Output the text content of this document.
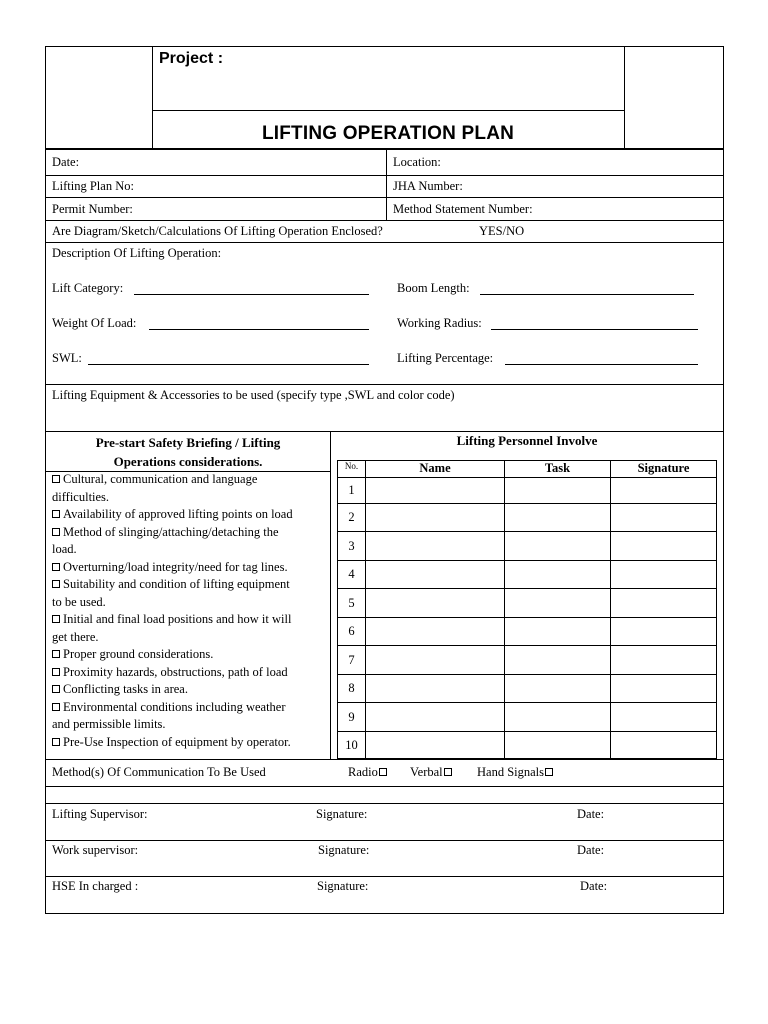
Project :
LIFTING OPERATION PLAN
Date:	Location:
Lifting Plan No:	JHA Number:
Permit Number:	Method Statement Number:
Are Diagram/Sketch/Calculations Of Lifting Operation Enclosed?	YES/NO
Description Of Lifting Operation:
Lift Category:	Boom Length:
Weight Of Load:	Working Radius:
SWL:	Lifting Percentage:
Lifting Equipment & Accessories to be used (specify type ,SWL and color code)
Pre-start Safety Briefing / Lifting
Operations considerations.
Cultural, communication and language
difficulties.
Availability of approved lifting points on load
Method of slinging/attaching/detaching the
load.
Overturning/load integrity/need for tag lines.
Suitability and condition of lifting equipment
to be used.
Initial and final load positions and how it will
get there.
Proper ground considerations.
Proximity hazards, obstructions, path of load
Conflicting tasks in area.
Environmental conditions including weather
and permissible limits.
Pre-Use Inspection of equipment by operator.
Lifting Personnel Involve
No.	Name	Task	Signature
1
2
3
4
5
6
7
8
9
10
Method(s) Of Communication To Be Used	Radio	Verbal	Hand Signals
Lifting Supervisor:	Signature:	Date:
Work supervisor:	Signature:	Date:
HSE In charged :	Signature:	Date:
